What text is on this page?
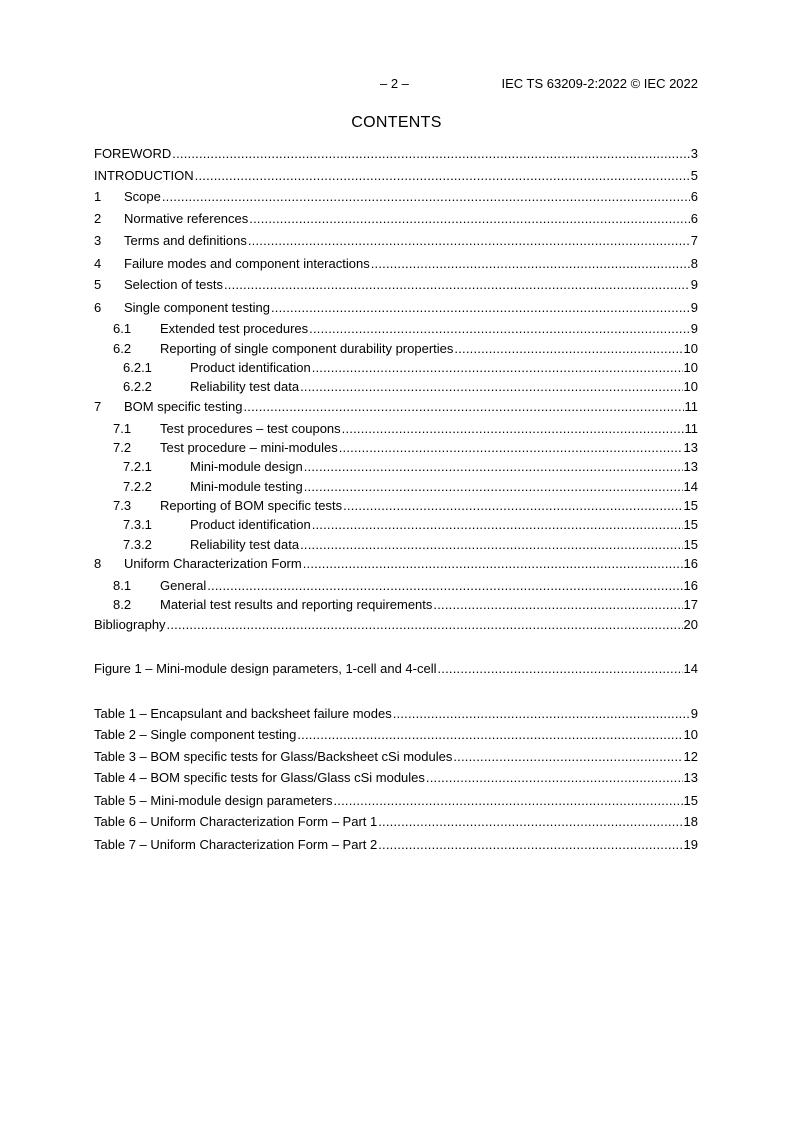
– 2 –	IEC TS 63209-2:2022 © IEC 2022
CONTENTS
FOREWORD .....	3
INTRODUCTION .....	5
1	Scope .....	6
2	Normative references .....	6
3	Terms and definitions .....	7
4	Failure modes and component interactions .....	8
5	Selection of tests .....	9
6	Single component testing .....	9
6.1	Extended test procedures .....	9
6.2	Reporting of single component durability properties .....	10
6.2.1	Product identification .....	10
6.2.2	Reliability test data .....	10
7	BOM specific testing .....	11
7.1	Test procedures – test coupons .....	11
7.2	Test procedure – mini-modules .....	13
7.2.1	Mini-module design .....	13
7.2.2	Mini-module testing .....	14
7.3	Reporting of BOM specific tests .....	15
7.3.1	Product identification .....	15
7.3.2	Reliability test data .....	15
8	Uniform Characterization Form .....	16
8.1	General .....	16
8.2	Material test results and reporting requirements .....	17
Bibliography .....	20
Figure 1 – Mini-module design parameters, 1-cell and 4-cell .....	14
Table 1 – Encapsulant and backsheet failure modes .....	9
Table 2 – Single component testing .....	10
Table 3 – BOM specific tests for Glass/Backsheet cSi modules .....	12
Table 4 – BOM specific tests for Glass/Glass cSi modules .....	13
Table 5 – Mini-module design parameters .....	15
Table 6 – Uniform Characterization Form – Part 1 .....	18
Table 7 – Uniform Characterization Form – Part 2 .....	19
